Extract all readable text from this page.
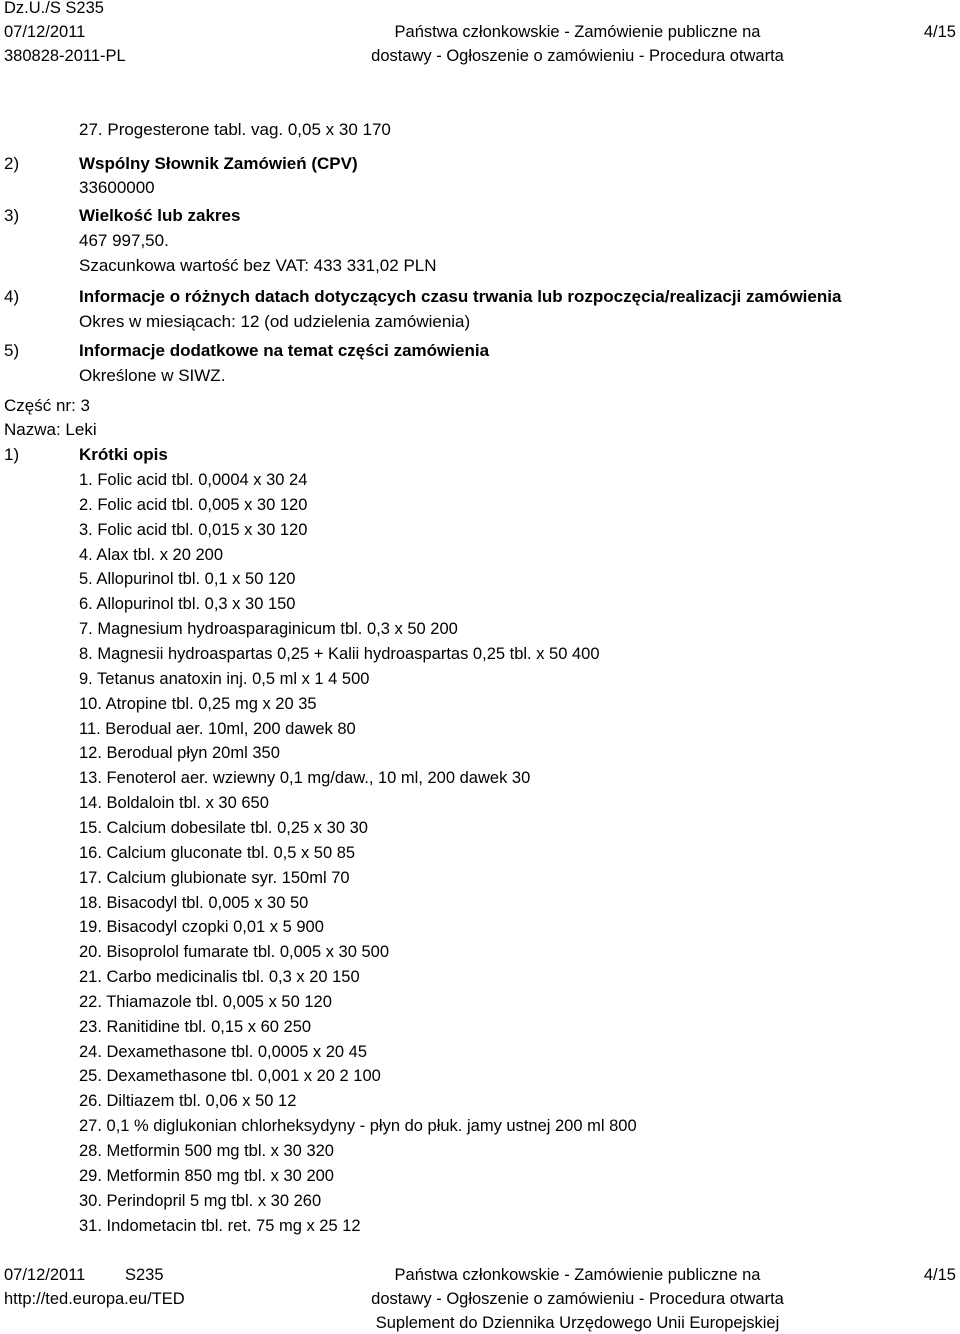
Dz.U./S S235
07/12/2011
380828-2011-PL
Państwa członkowskie - Zamówienie publiczne na
dostawy - Ogłoszenie o zamówieniu - Procedura otwarta
4/15
27. Progesterone tabl. vag. 0,05 x 30 170
2)	Wspólny Słownik Zamówień (CPV)
33600000
3)	Wielkość lub zakres
467 997,50.
Szacunkowa wartość bez VAT: 433 331,02 PLN
4)	Informacje o różnych datach dotyczących czasu trwania lub rozpoczęcia/realizacji zamówienia
Okres w miesiącach: 12 (od udzielenia zamówienia)
5)	Informacje dodatkowe na temat części zamówienia
Określone w SIWZ.
Część nr: 3
Nazwa: Leki
1)	Krótki opis
1. Folic acid tbl. 0,0004 x 30 24
2. Folic acid tbl. 0,005 x 30 120
3. Folic acid tbl. 0,015 x 30 120
4. Alax tbl. x 20 200
5. Allopurinol tbl. 0,1 x 50 120
6. Allopurinol tbl. 0,3 x 30 150
7. Magnesium hydroasparaginicum tbl. 0,3 x 50 200
8. Magnesii hydroaspartas 0,25 + Kalii hydroaspartas 0,25 tbl. x 50 400
9. Tetanus anatoxin inj. 0,5 ml x 1 4 500
10. Atropine tbl. 0,25 mg x 20 35
11. Berodual aer. 10ml, 200 dawek 80
12. Berodual płyn 20ml 350
13. Fenoterol aer. wziewny 0,1 mg/daw., 10 ml, 200 dawek 30
14. Boldaloin tbl. x 30 650
15. Calcium dobesilate tbl. 0,25 x 30 30
16. Calcium gluconate tbl. 0,5 x 50 85
17. Calcium glubionate syr. 150ml 70
18. Bisacodyl tbl. 0,005 x 30 50
19. Bisacodyl czopki 0,01 x 5 900
20. Bisoprolol fumarate tbl. 0,005 x 30 500
21. Carbo medicinalis tbl. 0,3 x 20 150
22. Thiamazole tbl. 0,005 x 50 120
23. Ranitidine tbl. 0,15 x 60 250
24. Dexamethasone tbl. 0,0005 x 20 45
25. Dexamethasone tbl. 0,001 x 20 2 100
26. Diltiazem tbl. 0,06 x 50 12
27. 0,1 % diglukonian chlorheksydyny - płyn do płuk. jamy ustnej 200 ml 800
28. Metformin 500 mg tbl. x 30 320
29. Metformin 850 mg tbl. x 30 200
30. Perindopril 5 mg tbl. x 30 260
31. Indometacin tbl. ret. 75 mg x 25 12
07/12/2011 S235
http://ted.europa.eu/TED
Państwa członkowskie - Zamówienie publiczne na
dostawy - Ogłoszenie o zamówieniu - Procedura otwarta
Suplement do Dziennika Urzędowego Unii Europejskiej
4/15
